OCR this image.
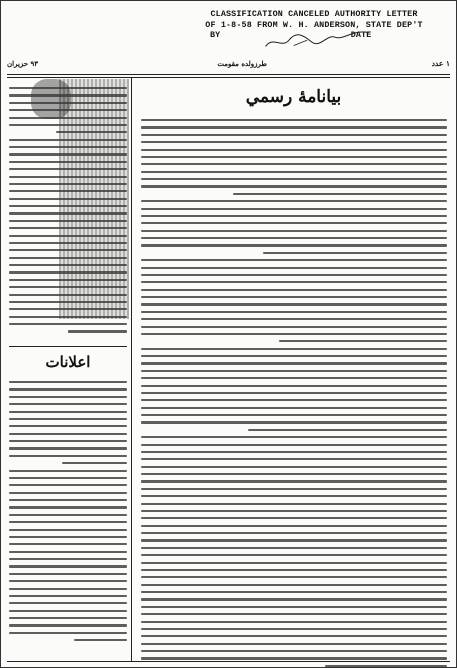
CLASSIFICATION CANCELED AUTHORITY LETTER
OF 1-8-58 FROM W. H. ANDERSON, STATE DEP'T
BY	DATE
١ عدد
طرزولده مقومت
٩٣ حزيران
بيانامۀ رسمي
اعلانات
